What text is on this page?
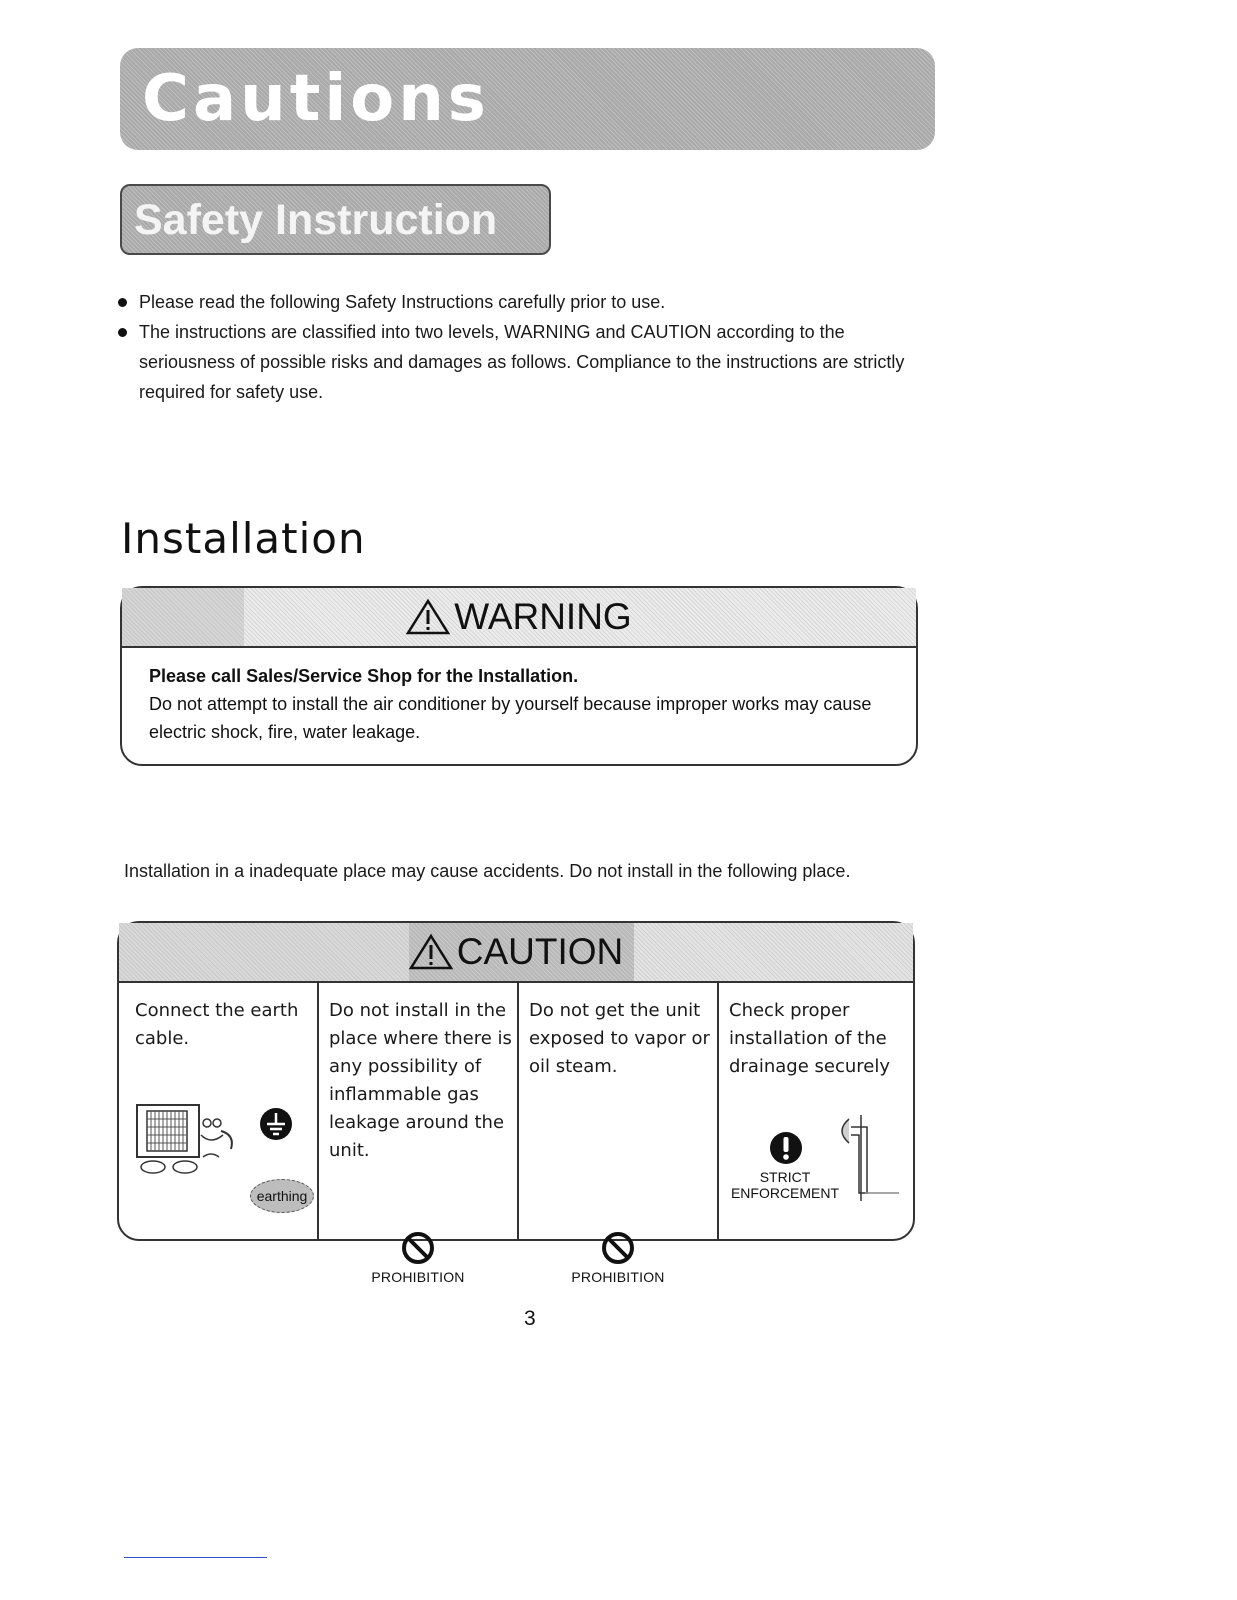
Cautions
Safety Instruction
Please read the following Safety Instructions carefully prior to use.
The instructions are classified into two levels, WARNING and CAUTION according to the seriousness of possible risks and damages as follows. Compliance to the instructions are strictly required for safety use.
Installation
WARNING
Please call Sales/Service Shop for the Installation.
Do not attempt to install the air conditioner by yourself because improper works may cause electric shock, fire, water leakage.
Installation in a inadequate place may cause accidents. Do not install in the following place.
CAUTION
Connect the earth cable.
earthing
Do not install in the place where there is any possibility of inflammable gas leakage around the unit.
PROHIBITION
Do not get the unit exposed to vapor or oil steam.
PROHIBITION
Check proper installation of the drainage securely
STRICT
ENFORCEMENT
3
